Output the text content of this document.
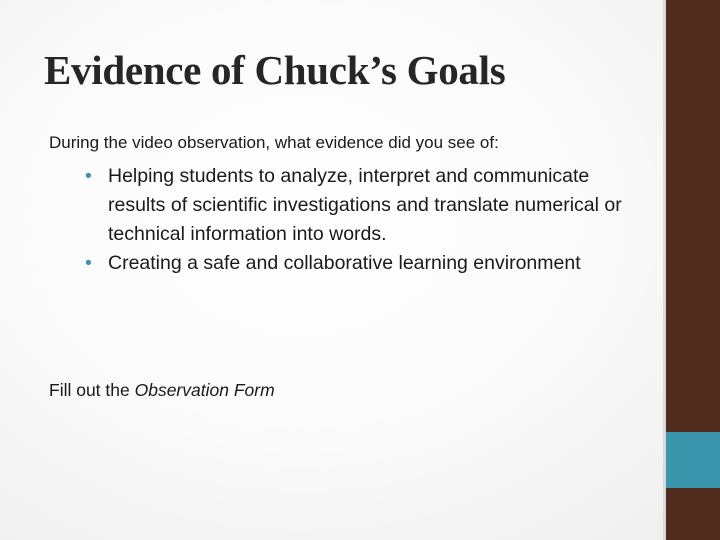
Evidence of Chuck’s Goals

During the video observation, what evidence did you see of:

• Helping students to analyze, interpret and communicate results of scientific investigations and translate numerical or technical information into words.
• Creating a safe and collaborative learning environment

Fill out the Observation Form
